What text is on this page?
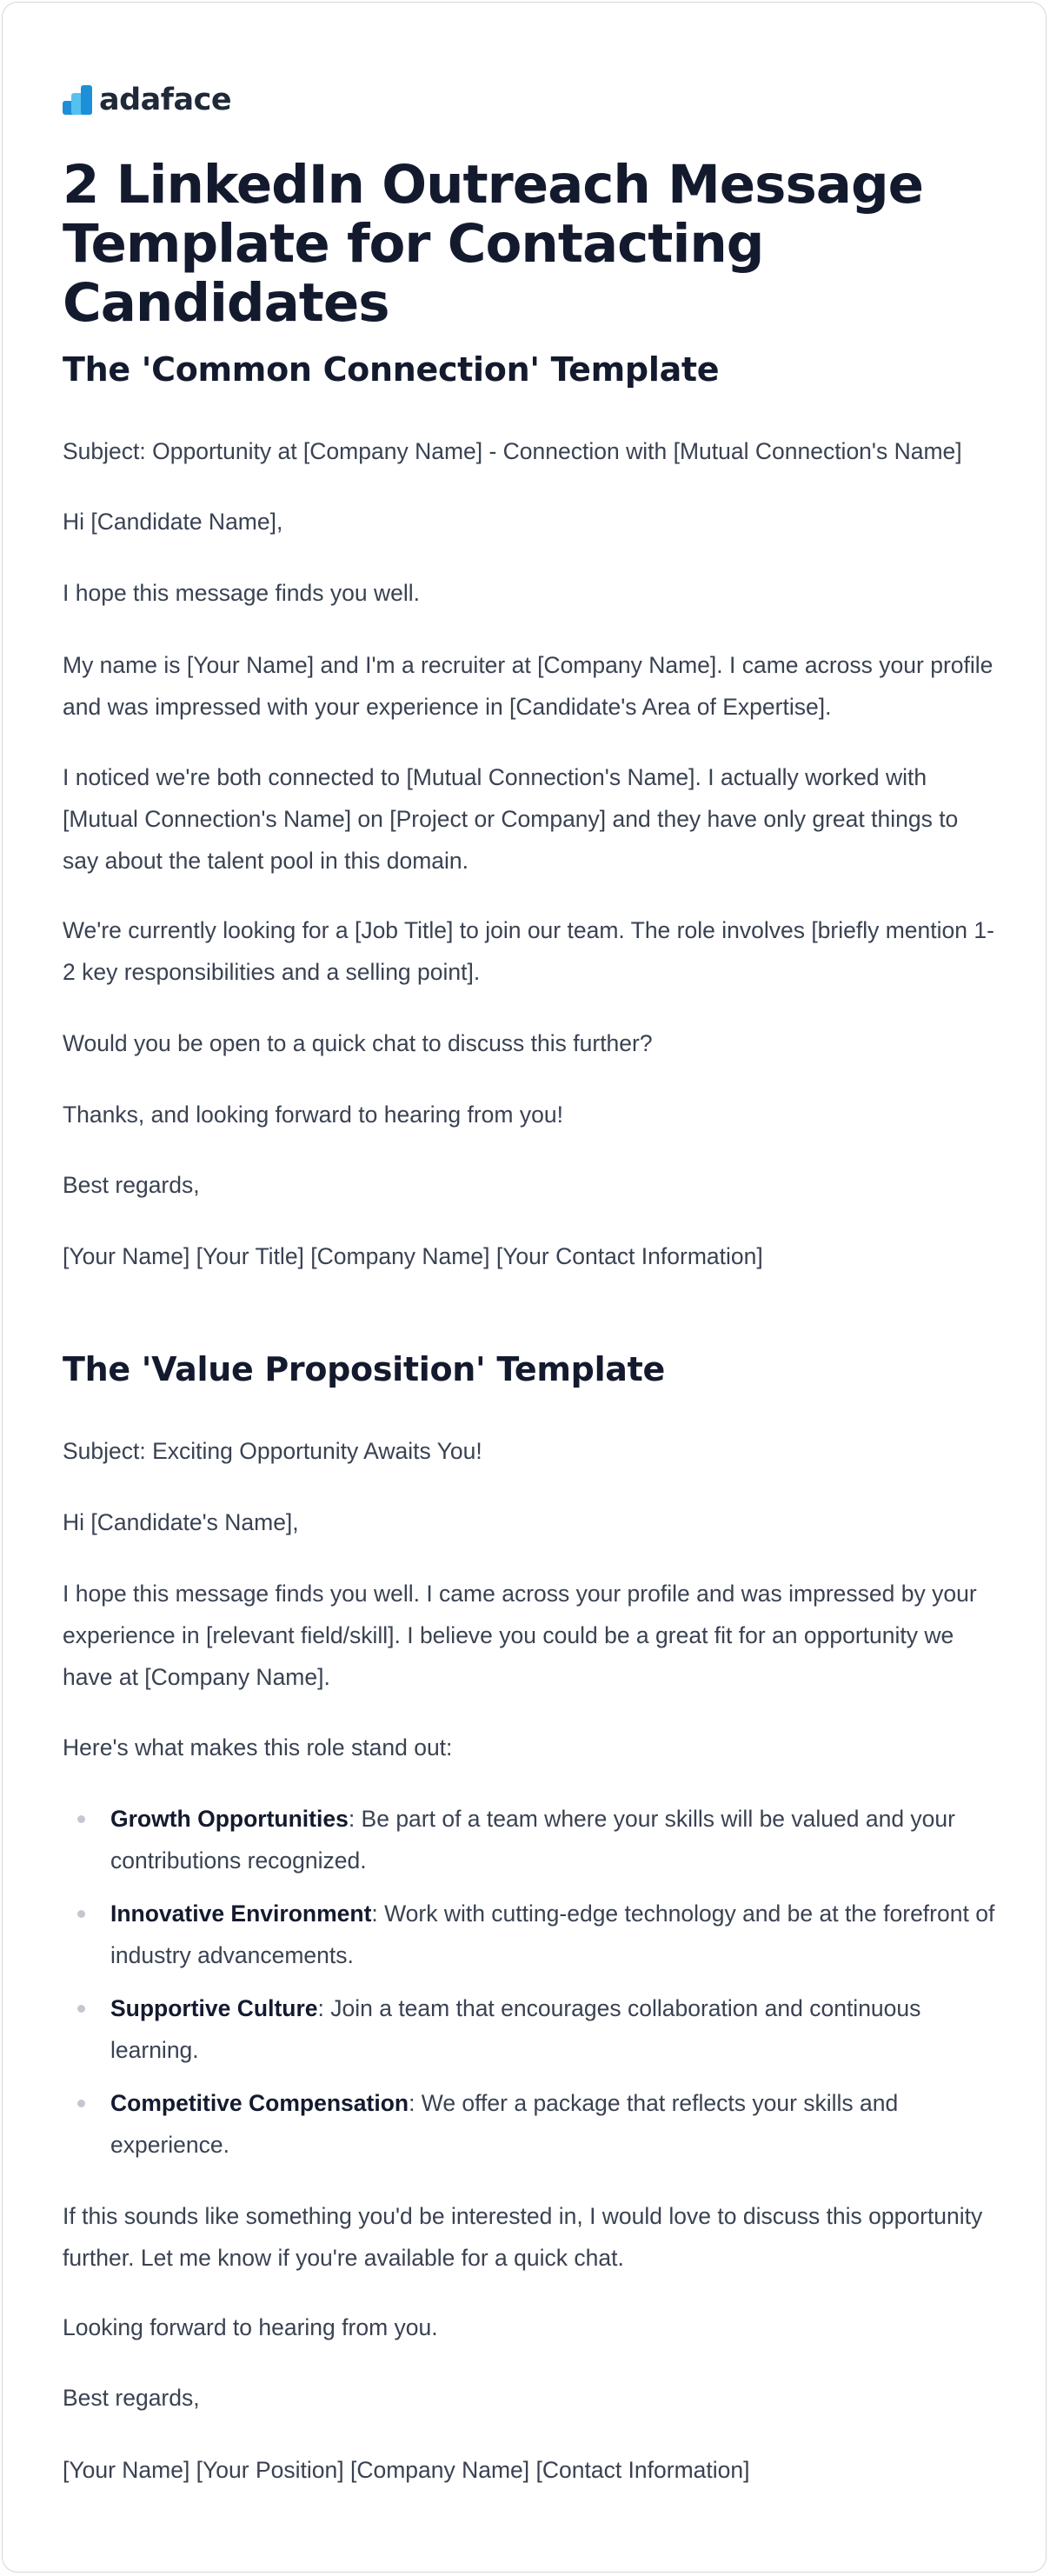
adaface
2 LinkedIn Outreach Message Template for Contacting Candidates
The 'Common Connection' Template

Subject: Opportunity at [Company Name] - Connection with [Mutual Connection's Name]

Hi [Candidate Name],

I hope this message finds you well.

My name is [Your Name] and I'm a recruiter at [Company Name]. I came across your profile and was impressed with your experience in [Candidate's Area of Expertise].

I noticed we're both connected to [Mutual Connection's Name]. I actually worked with [Mutual Connection's Name] on [Project or Company] and they have only great things to say about the talent pool in this domain.

We're currently looking for a [Job Title] to join our team. The role involves [briefly mention 1-2 key responsibilities and a selling point].

Would you be open to a quick chat to discuss this further?

Thanks, and looking forward to hearing from you!

Best regards,

[Your Name] [Your Title] [Company Name] [Your Contact Information]

The 'Value Proposition' Template

Subject: Exciting Opportunity Awaits You!

Hi [Candidate's Name],

I hope this message finds you well. I came across your profile and was impressed by your experience in [relevant field/skill]. I believe you could be a great fit for an opportunity we have at [Company Name].

Here's what makes this role stand out:

Growth Opportunities: Be part of a team where your skills will be valued and your contributions recognized.
Innovative Environment: Work with cutting-edge technology and be at the forefront of industry advancements.
Supportive Culture: Join a team that encourages collaboration and continuous learning.
Competitive Compensation: We offer a package that reflects your skills and experience.

If this sounds like something you'd be interested in, I would love to discuss this opportunity further. Let me know if you're available for a quick chat.

Looking forward to hearing from you.

Best regards,

[Your Name] [Your Position] [Company Name] [Contact Information]
